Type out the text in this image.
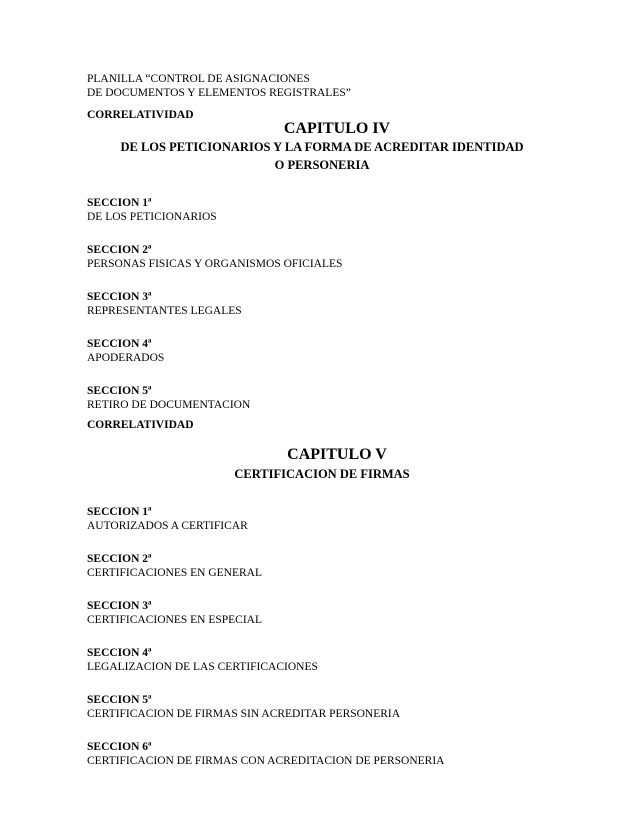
PLANILLA “CONTROL DE ASIGNACIONES
DE DOCUMENTOS Y ELEMENTOS REGISTRALES”
CORRELATIVIDAD
CAPITULO IV
DE LOS PETICIONARIOS Y LA FORMA DE ACREDITAR IDENTIDAD
O PERSONERIA
SECCION 1ª
DE LOS PETICIONARIOS
SECCION 2ª
PERSONAS FISICAS Y ORGANISMOS OFICIALES
SECCION 3ª
REPRESENTANTES LEGALES
SECCION 4ª
APODERADOS
SECCION 5ª
RETIRO DE DOCUMENTACION
CORRELATIVIDAD
CAPITULO V
CERTIFICACION DE FIRMAS
SECCION 1ª
AUTORIZADOS A CERTIFICAR
SECCION 2ª
CERTIFICACIONES EN GENERAL
SECCION 3ª
CERTIFICACIONES EN ESPECIAL
SECCION 4ª
LEGALIZACION DE LAS CERTIFICACIONES
SECCION 5ª
CERTIFICACION DE FIRMAS SIN ACREDITAR PERSONERIA
SECCION 6ª
CERTIFICACION DE FIRMAS CON ACREDITACION DE PERSONERIA
